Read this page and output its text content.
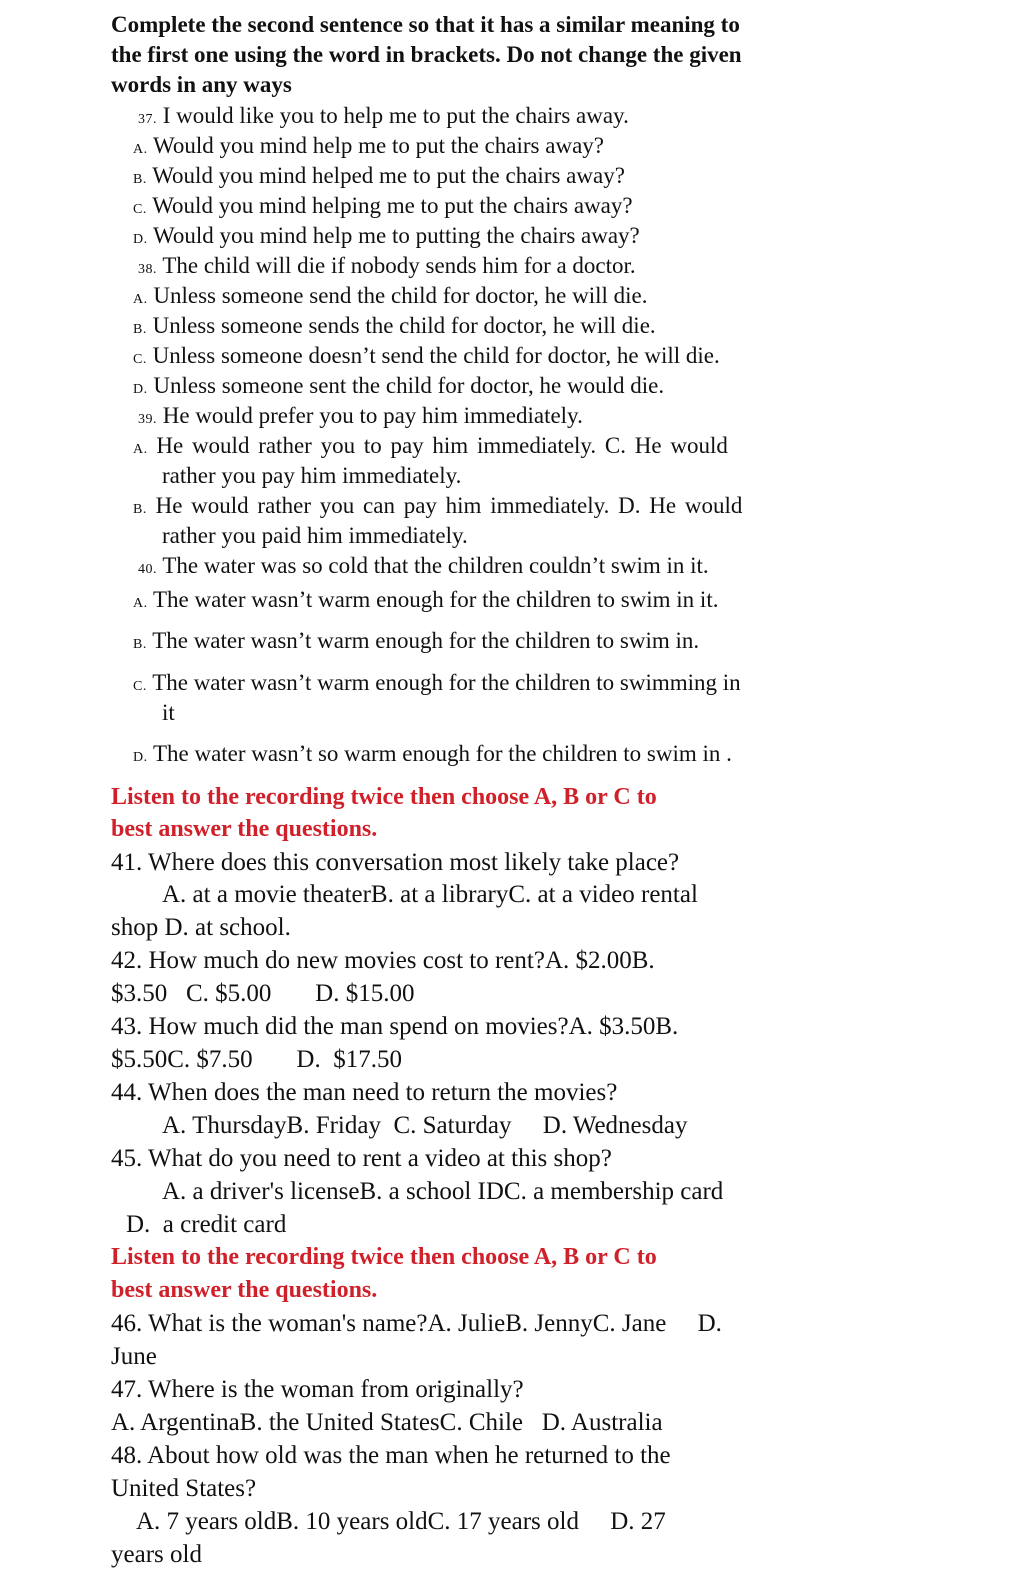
Complete the second sentence so that it has a similar meaning to
the first one using the word in brackets. Do not change the given
words in any ways
37. I would like you to help me to put the chairs away.
A. Would you mind help me to put the chairs away?
B. Would you mind helped me to put the chairs away?
C. Would you mind helping me to put the chairs away?
D. Would you mind help me to putting the chairs away?
38. The child will die if nobody sends him for a doctor.
A. Unless someone send the child for doctor, he will die.
B. Unless someone sends the child for doctor, he will die.
C. Unless someone doesn’t send the child for doctor, he will die.
D. Unless someone sent the child for doctor, he would die.
39. He would prefer you to pay him immediately.
A. He would rather you to pay him immediately. C. He would
rather you pay him immediately.
B. He would rather you can pay him immediately. D. He would
rather you paid him immediately.
40. The water was so cold that the children couldn’t swim in it.
A. The water wasn’t warm enough for the children to swim in it.
B. The water wasn’t warm enough for the children to swim in.
C. The water wasn’t warm enough for the children to swimming in
it
D. The water wasn’t so warm enough for the children to swim in .
Listen to the recording twice then choose A, B or C to
best answer the questions.
41. Where does this conversation most likely take place?
A. at a movie theaterB. at a libraryC. at a video rental
shop D. at school.
42. How much do new movies cost to rent?A. $2.00B.
$3.50   C. $5.00       D. $15.00
43. How much did the man spend on movies?A. $3.50B.
$5.50C. $7.50       D.  $17.50
44. When does the man need to return the movies?
A. ThursdayB. Friday  C. Saturday     D. Wednesday
45. What do you need to rent a video at this shop?
A. a driver's licenseB. a school IDC. a membership card
D.  a credit card
Listen to the recording twice then choose A, B or C to
best answer the questions.
46. What is the woman's name?A. JulieB. JennyC. Jane     D.
June
47. Where is the woman from originally?
A. ArgentinaB. the United StatesC. Chile   D. Australia
48. About how old was the man when he returned to the
United States?
A. 7 years oldB. 10 years oldC. 17 years old     D. 27
years old
